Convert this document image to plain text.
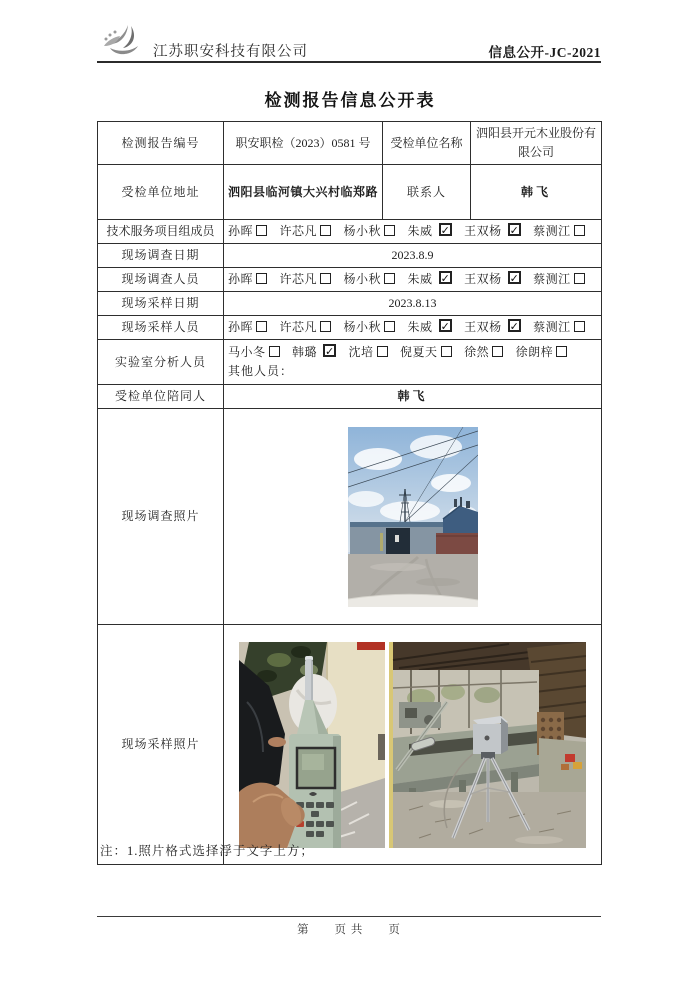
江苏职安科技有限公司	信息公开-JC-2021
检测报告信息公开表
检测报告编号	职安职检（2023）0581 号	受检单位名称	泗阳县开元木业股份有限公司
受检单位地址	泗阳县临河镇大兴村临郑路	联系人	韩飞
技术服务项目组成员	孙晖 许芯凡 杨小秋 朱威 ✓ 王双杨✓ 蔡测江
现场调查日期	2023.8.9		
现场调查人员	孙晖 许芯凡 杨小秋 朱威 ✓ 王双杨✓ 蔡测江
现场采样日期	2023.8.13		
现场采样人员	孙晖 许芯凡 杨小秋 朱威 ✓ 王双杨✓ 蔡测江
实验室分析人员	马小冬 韩璐 ✓ 沈培 倪夏天 徐然 徐朗梓
其他人员：

受检单位陪同人	韩飞		
现场调查照片	

现场采样照片	
注：1.照片格式选择浮于文字上方；
第　　页 共　　页
